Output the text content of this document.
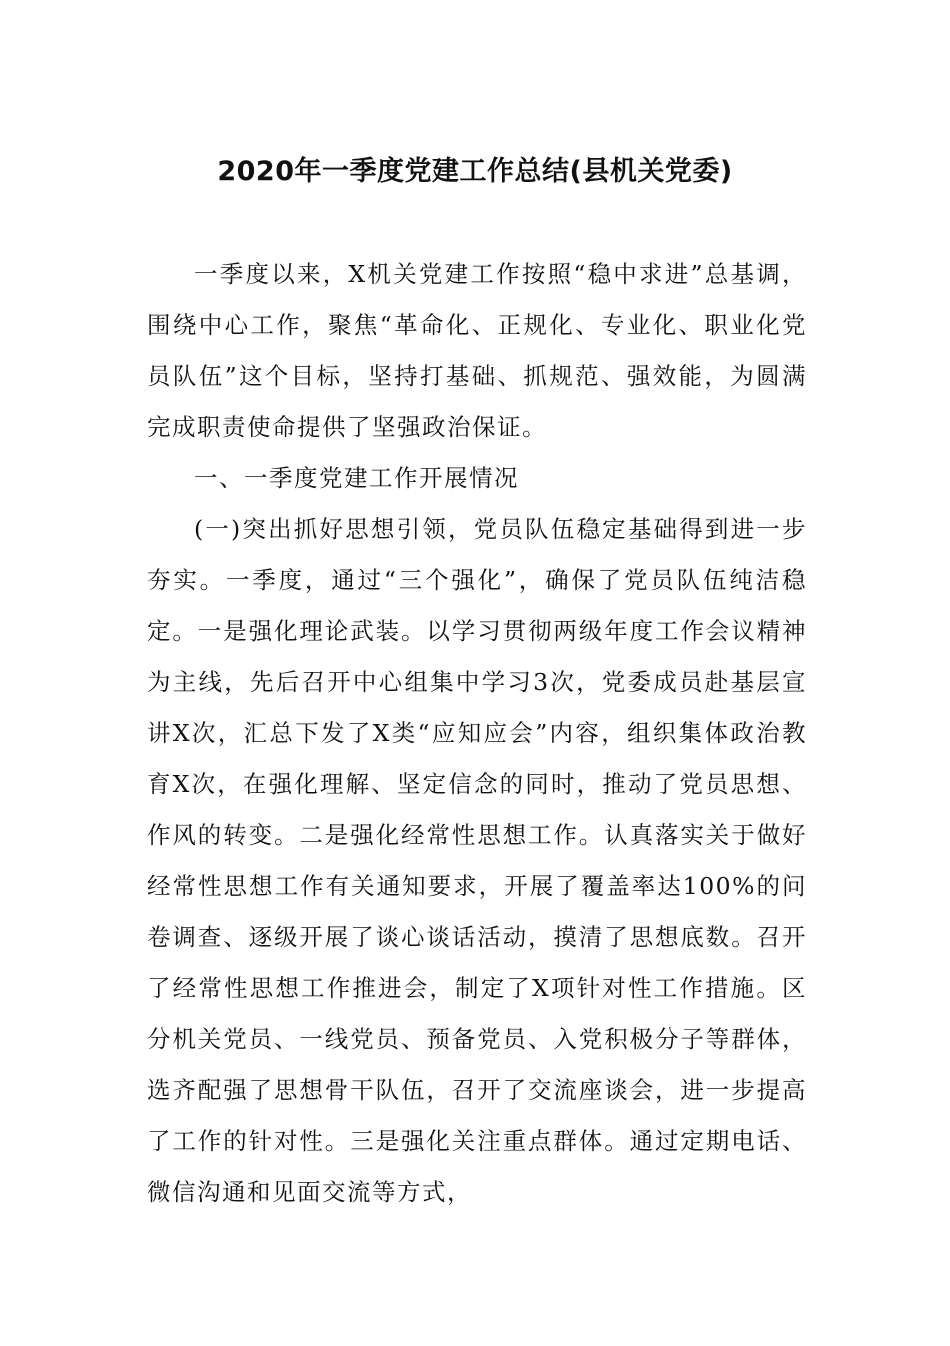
2020年一季度党建工作总结(县机关党委)

一季度以来，X机关党建工作按照“稳中求进”总基调，围绕中心工作，聚焦“革命化、正规化、专业化、职业化党员队伍”这个目标，坚持打基础、抓规范、强效能，为圆满完成职责使命提供了坚强政治保证。

一、一季度党建工作开展情况

(一)突出抓好思想引领，党员队伍稳定基础得到进一步夯实。一季度，通过“三个强化”，确保了党员队伍纯洁稳定。一是强化理论武装。以学习贯彻两级年度工作会议精神为主线，先后召开中心组集中学习3次，党委成员赴基层宣讲X次，汇总下发了X类“应知应会”内容，组织集体政治教育X次，在强化理解、坚定信念的同时，推动了党员思想、作风的转变。二是强化经常性思想工作。认真落实关于做好经常性思想工作有关通知要求，开展了覆盖率达100%的问卷调查、逐级开展了谈心谈话活动，摸清了思想底数。召开了经常性思想工作推进会，制定了X项针对性工作措施。区分机关党员、一线党员、预备党员、入党积极分子等群体，选齐配强了思想骨干队伍，召开了交流座谈会，进一步提高了工作的针对性。三是强化关注重点群体。通过定期电话、微信沟通和见面交流等方式，
